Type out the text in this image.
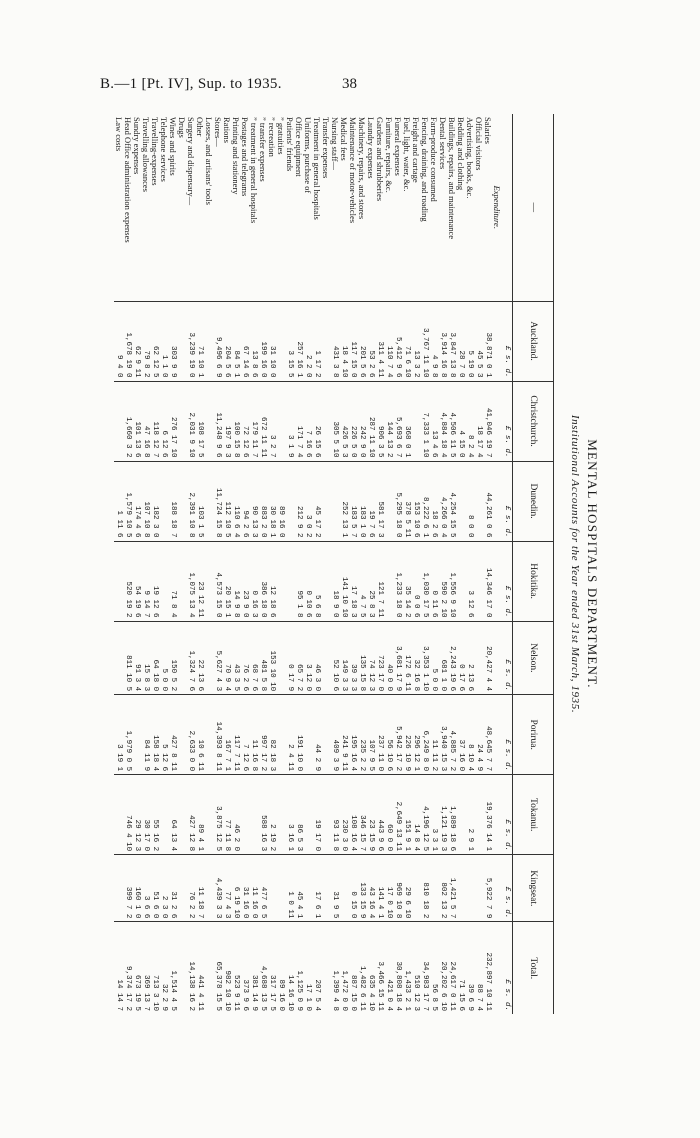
B.—1 [Pt. IV], Sup. to 1935.	38
MENTAL HOSPITALS DEPARTMENT.
Institutional Accounts for the Year ended 31st March, 1935.
—	Auckland.	Christchurch.	Dunedin.	Hokitika.	Nelson.	Porirua.	Tokanui.	Kingseat.	Total.
	£ s. d.	£ s. d.	£ s. d.	£ s. d.	£ s. d.	£ s. d.	£ s. d.	£ s. d.	£ s. d.
Expenditure.									
Salaries	38,871 0 1	41,046 19 7	44,261 0 6	14,346 17 0	20,427 4 4	48,645 7 7	19,376 14 1	5,922 7 9	232,897 10 11
Official visitors	45 5 3	18 17 4				24 4 9			88 7 4
Advertising, books, &c.	5 19 0	8 2 4	8 0 0	3 12 6	2 13 6	8 10 4	2 9 1		39 6 9
Bedding and clothing	28 7 0	4 15 0			0 17 6	37 16 0			71 15 6
Buildings, repairs, and maintenance	3,847 13 8	4,506 11 5	4,254 15 5	1,556 9 10	2,243 19 6	4,885 7 2	1,889 18 6	1,421 5 7	24,617 0 11
Dental services	3,914 16 8	4,884 18 4	4,266 0 4	590 2 10	681 1 0	3,940 15 3	1,121 19 3	802 13 2	20,202 6 10
Farm-produce consumed	4 9 8	13 4 6	18 2 6	0 11 6	5 0 0	11 11 2	3 3 1		56 8 5
Fencing, draining, and roading	3,767 11 10	7,333 1 10	8,222 6 1	1,030 17 5	3,353 1 10	6,249 8 0	4,196 12 5	810 18 2	34,983 17 7
Freight and cartage	13 3 2		153 10 6	0 0 6	32 16 8	296 12 1	14 8 4		510 12 3
Fuel, light, water, &c.	71 6 10	368 0 1	378 5 11	35 14 2	172 6 11	226 10 9	151 9 1	29 6 10	1,433 2 1
Funeral expenses	5,412 9 6	5,693 6 7	5,295 18 0	1,233 18 0	3,681 17 9	5,942 17 2	2,649 13 11	969 10 8	30,808 18 4
Furniture, repairs, &c.	110 7 4	144 13 2			40 0 0	56 10 6	60 0 0	17 0 10	421 0 4
Gardens and shrubberies	311 4 11	906 3 5	581 17 3	121 7 11	723 17 0	237 11 0	443 9 6	141 4 1	3,466 15 11
Laundry expenses	53 2 6	287 11 10	19 7 6	25 8 3	74 12 3	107 9 5	23 15 9	43 16 4	635 4 10
Machinery, repairs, and stores	201 5 6	242 9 0	183 1 0	4 7 5	135 15 8	235 2 2	346 15 7	133 15 9	1,482 6 11
Maintenance of motor-vehicles	117 15 0	226 5 0	183 5 7	17 18 3	39 3 3	195 16 4	108 16 4	0 15 0	887 15 0
Medical fees	18 4 10	426 5 3	252 13 1	141 10 10	149 3 3	241 9 11	230 3 0		1,472 0 0
Nursing staff—	431 3 8	305 5 10		18 9 0	52 10 6	409 3 9	93 11 8	31 9 5	1,399 4 8
Transfer expenses									
Treatment in general hospitals	1 17 2	26 15 6	45 17 2	5 6 8	46 3 0	44 2 9	19 17 0	17 6 1	207 5 4
Uniforms, purchase of	2 2 0	7 16 6	3 0 2	0 10 6	3 12 0				17 1 0
Office equipment	257 16 1	171 7 4	212 9 2	95 1 8	65 7 2	191 10 0	86 5 3	45 4 1	1,125 0 9
Patients' friends	3 15 5	3 1 9			0 17 9	2 4 11	3 16 1	1 0 11	14 16 10
” gratuities			89 16 0						89 16 0
” recreation	31 10 0	3 2 7	30 18 1	12 18 6	153 10 10	82 18 3	2 19 2		317 17 5
” transfer expenses	199 16 0	672 11 11	883 2 0	386 18 0	481 5 8	997 17 2	588 16 3	477 6 5	4,688 13 5
” treatment in general hospitals	13 8 6	179 11 7	90 13 3	0 16 3	68 7 6	11 16 8		11 16 0	381 14 9
Postages and telegrams	67 14 6	72 12 6	94 2 6	23 9 0	76 2 6	7 12 6		31 16 0	373 9 6
Printing and stationery	84 5 1	100 15 8	110 6 4	14 9 8	43 3 5	117 7 11	46 2 0	6 19 10	523 9 11
Rations	204 5 6	197 9 3	112 10 5	20 15 1	70 9 4	167 7 1	77 11 8	77 4 3	982 10 10
Stores—	9,496 6 9	11,248 9 6	11,724 15 8	4,573 15 0	5,627 4 3	14,393 8 11	3,875 12 5	4,439 3 3	65,378 15 5
Losses, and artisans' tools									
Other	71 10 1	108 17 5	103 1 5	23 12 11	22 13 6	10 6 11	89 4 1	11 18 7	441 4 11
Surgery and dispensary—	3,239 19 0	2,031 9 10	2,391 10 8	1,075 13 4	1,324 7 6	2,633 0 0	427 12 8	76 2 2	14,138 16 2
Drugs									
Wines and spirits	303 9 9	276 17 10	188 18 7	71 8 4	150 5 2	427 8 11	64 13 4	31 2 6	1,514 4 5
Telephone services	1 1 0	6 12 6			5 0 0	5 12 6		2 3 0	32 2 9
Travelling-expenses	62 12 5	118 12 7	182 3 0	19 12 6	64 18 0	158 18 4	55 16 2	51 6 0	713 3 10
Travelling allowances	79 8 2	47 16 8	107 10 8	9 14 7	15 8 3	84 11 9	30 17 0	3 6 6	369 13 7
Sundry expenses	62 9 11	101 13 6	174 4 6	54 19 6	91 3 4		29 12 3	160 1 0	673 19 5
Head Office administration expenses	1,678 19 0	1,660 3 2	1,579 10 5	520 19 2	811 10 5	1,979 0 5	746 4 10	399 7 2	9,374 17 2
Law costs	9 4 0		1 11 6			3 19 1			14 14 7
